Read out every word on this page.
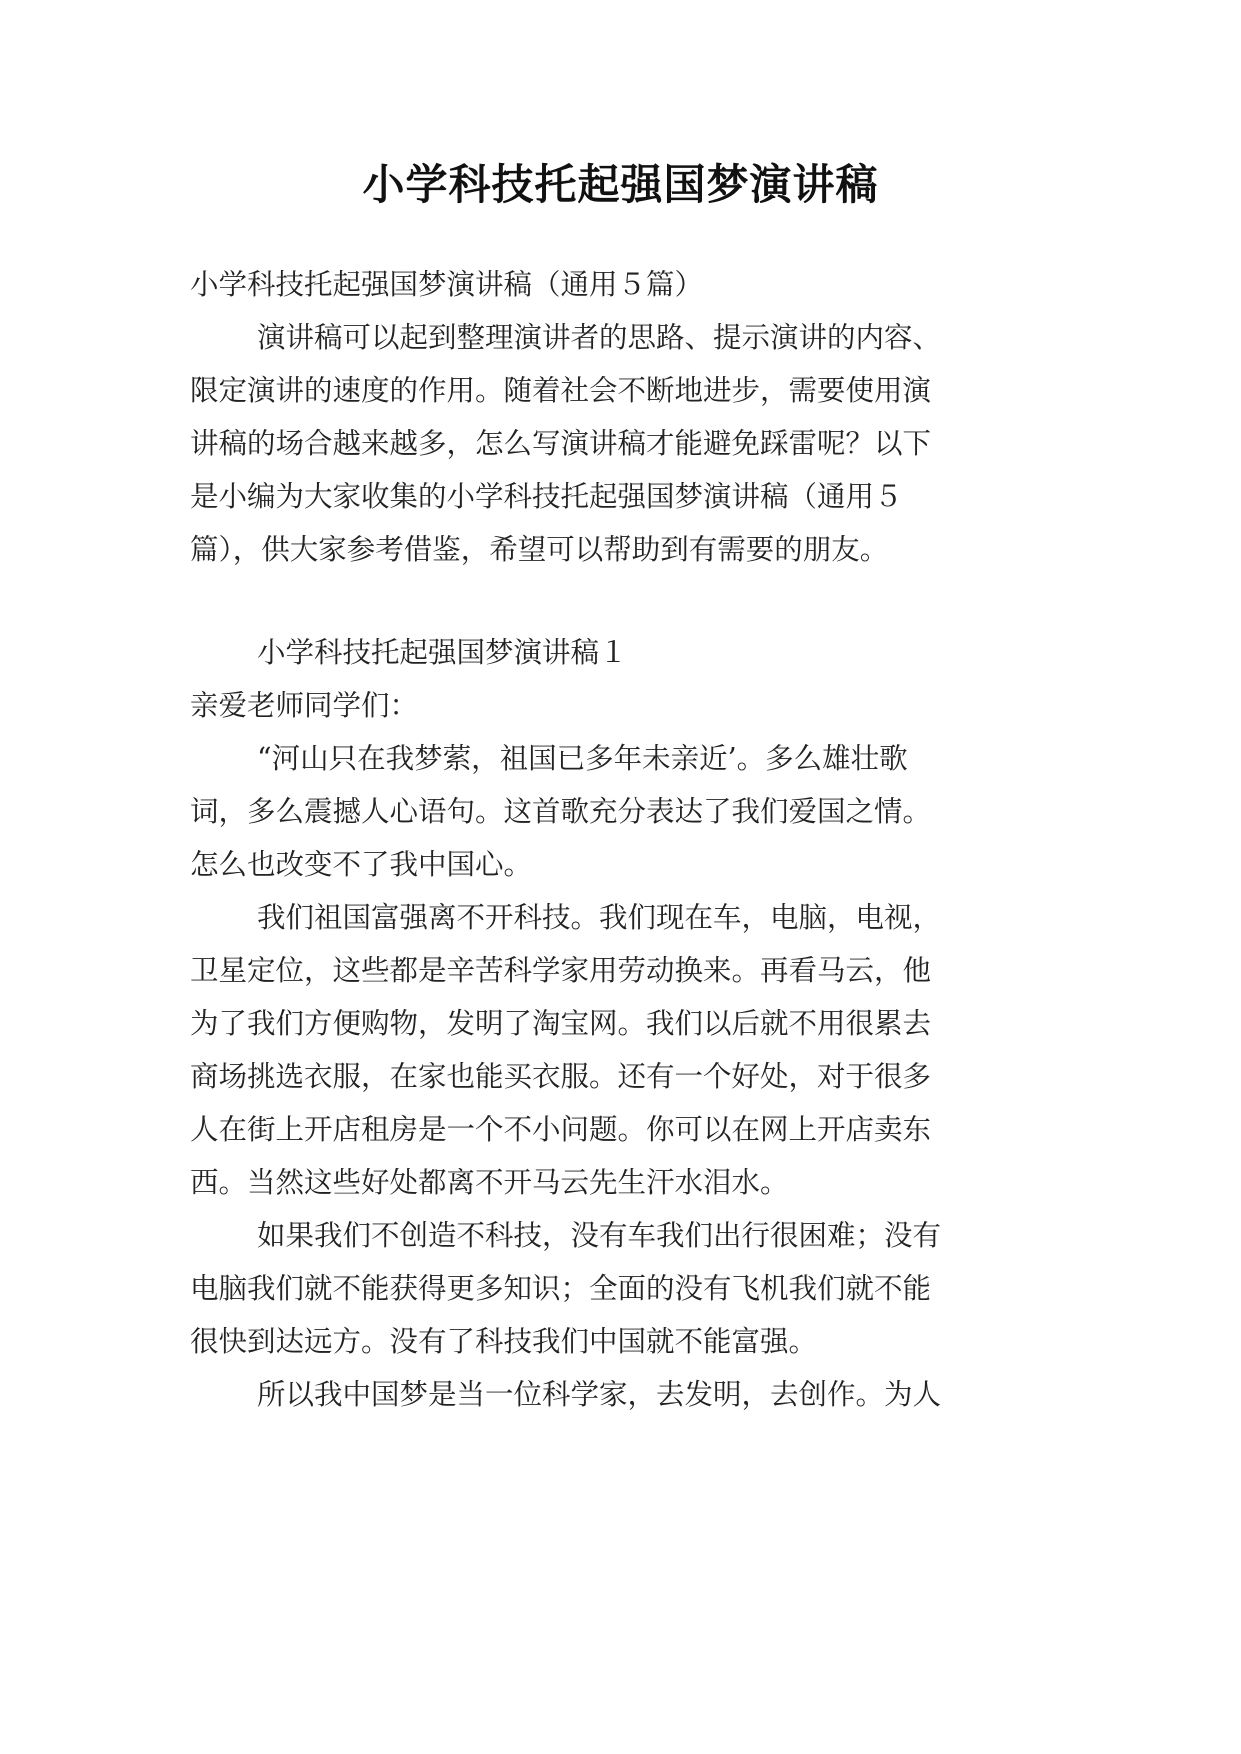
小学科技托起强国梦演讲稿
小学科技托起强国梦演讲稿（通用５篇）
演讲稿可以起到整理演讲者的思路、提示演讲的内容、
限定演讲的速度的作用。随着社会不断地进步，需要使用演
讲稿的场合越来越多，怎么写演讲稿才能避免踩雷呢？以下
是小编为大家收集的小学科技托起强国梦演讲稿（通用５
篇），供大家参考借鉴，希望可以帮助到有需要的朋友。
小学科技托起强国梦演讲稿１
亲爱老师同学们：
“河山只在我梦萦，祖国已多年未亲近’。多么雄壮歌
词，多么震撼人心语句。这首歌充分表达了我们爱国之情。
怎么也改变不了我中国心。
我们祖国富强离不开科技。我们现在车，电脑，电视，
卫星定位，这些都是辛苦科学家用劳动换来。再看马云，他
为了我们方便购物，发明了淘宝网。我们以后就不用很累去
商场挑选衣服，在家也能买衣服。还有一个好处，对于很多
人在街上开店租房是一个不小问题。你可以在网上开店卖东
西。当然这些好处都离不开马云先生汗水泪水。
如果我们不创造不科技，没有车我们出行很困难；没有
电脑我们就不能获得更多知识；全面的没有飞机我们就不能
很快到达远方。没有了科技我们中国就不能富强。
所以我中国梦是当一位科学家，去发明，去创作。为人
